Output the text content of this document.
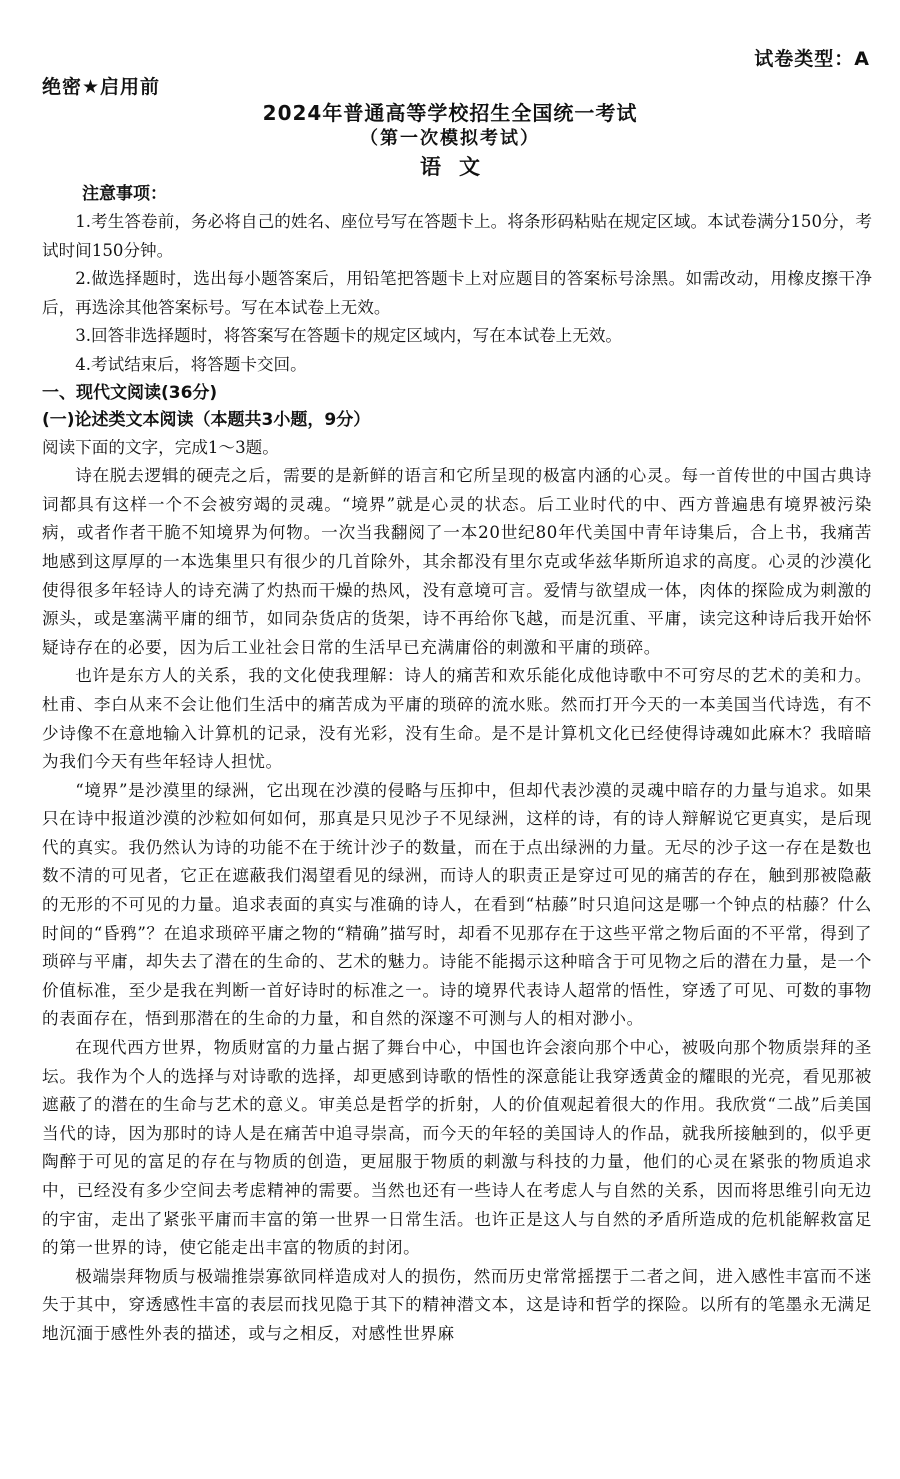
试卷类型：A
绝密★启用前
2024年普通高等学校招生全国统一考试
（第一次模拟考试）
语文
注意事项：

1.考生答卷前，务必将自己的姓名、座位号写在答题卡上。将条形码粘贴在规定区域。本试卷满分150分，考试时间150分钟。

2.做选择题时，选出每小题答案后，用铅笔把答题卡上对应题目的答案标号涂黑。如需改动，用橡皮擦干净后，再选涂其他答案标号。写在本试卷上无效。

3.回答非选择题时，将答案写在答题卡的规定区域内，写在本试卷上无效。

4.考试结束后，将答题卡交回。

一、现代文阅读(36分)

(一)论述类文本阅读（本题共3小题，9分）

阅读下面的文字，完成1～3题。

诗在脱去逻辑的硬壳之后，需要的是新鲜的语言和它所呈现的极富内涵的心灵。每一首传世的中国古典诗词都具有这样一个不会被穷竭的灵魂。“境界”就是心灵的状态。后工业时代的中、西方普遍患有境界被污染病，或者作者干脆不知境界为何物。一次当我翻阅了一本20世纪80年代美国中青年诗集后，合上书，我痛苦地感到这厚厚的一本选集里只有很少的几首除外，其余都没有里尔克或华兹华斯所追求的高度。心灵的沙漠化使得很多年轻诗人的诗充满了灼热而干燥的热风，没有意境可言。爱情与欲望成一体，肉体的探险成为刺激的源头，或是塞满平庸的细节，如同杂货店的货架，诗不再给你飞越，而是沉重、平庸，读完这种诗后我开始怀疑诗存在的必要，因为后工业社会日常的生活早已充满庸俗的刺激和平庸的琐碎。

也许是东方人的关系，我的文化使我理解：诗人的痛苦和欢乐能化成他诗歌中不可穷尽的艺术的美和力。杜甫、李白从来不会让他们生活中的痛苦成为平庸的琐碎的流水账。然而打开今天的一本美国当代诗选，有不少诗像不在意地输入计算机的记录，没有光彩，没有生命。是不是计算机文化已经使得诗魂如此麻木？我暗暗为我们今天有些年轻诗人担忧。

“境界”是沙漠里的绿洲，它出现在沙漠的侵略与压抑中，但却代表沙漠的灵魂中暗存的力量与追求。如果只在诗中报道沙漠的沙粒如何如何，那真是只见沙子不见绿洲，这样的诗，有的诗人辩解说它更真实，是后现代的真实。我仍然认为诗的功能不在于统计沙子的数量，而在于点出绿洲的力量。无尽的沙子这一存在是数也数不清的可见者，它正在遮蔽我们渴望看见的绿洲，而诗人的职责正是穿过可见的痛苦的存在，触到那被隐蔽的无形的不可见的力量。追求表面的真实与准确的诗人，在看到“枯藤”时只追问这是哪一个钟点的枯藤？什么时间的“昏鸦”？在追求琐碎平庸之物的“精确”描写时，却看不见那存在于这些平常之物后面的不平常，得到了琐碎与平庸，却失去了潜在的生命的、艺术的魅力。诗能不能揭示这种暗含于可见物之后的潜在力量，是一个价值标准，至少是我在判断一首好诗时的标准之一。诗的境界代表诗人超常的悟性，穿透了可见、可数的事物的表面存在，悟到那潜在的生命的力量，和自然的深邃不可测与人的相对渺小。

在现代西方世界，物质财富的力量占据了舞台中心，中国也许会滚向那个中心，被吸向那个物质崇拜的圣坛。我作为个人的选择与对诗歌的选择，却更感到诗歌的悟性的深意能让我穿透黄金的耀眼的光亮，看见那被遮蔽了的潜在的生命与艺术的意义。审美总是哲学的折射，人的价值观起着很大的作用。我欣赏“二战”后美国当代的诗，因为那时的诗人是在痛苦中追寻崇高，而今天的年轻的美国诗人的作品，就我所接触到的，似乎更陶醉于可见的富足的存在与物质的创造，更屈服于物质的刺激与科技的力量，他们的心灵在紧张的物质追求中，已经没有多少空间去考虑精神的需要。当然也还有一些诗人在考虑人与自然的关系，因而将思维引向无边的宇宙，走出了紧张平庸而丰富的第一世界一日常生活。也许正是这人与自然的矛盾所造成的危机能解救富足的第一世界的诗，使它能走出丰富的物质的封闭。

极端崇拜物质与极端推崇寡欲同样造成对人的损伤，然而历史常常摇摆于二者之间，进入感性丰富而不迷失于其中，穿透感性丰富的表层而找见隐于其下的精神潜文本，这是诗和哲学的探险。以所有的笔墨永无满足地沉湎于感性外表的描述，或与之相反，对感性世界麻
